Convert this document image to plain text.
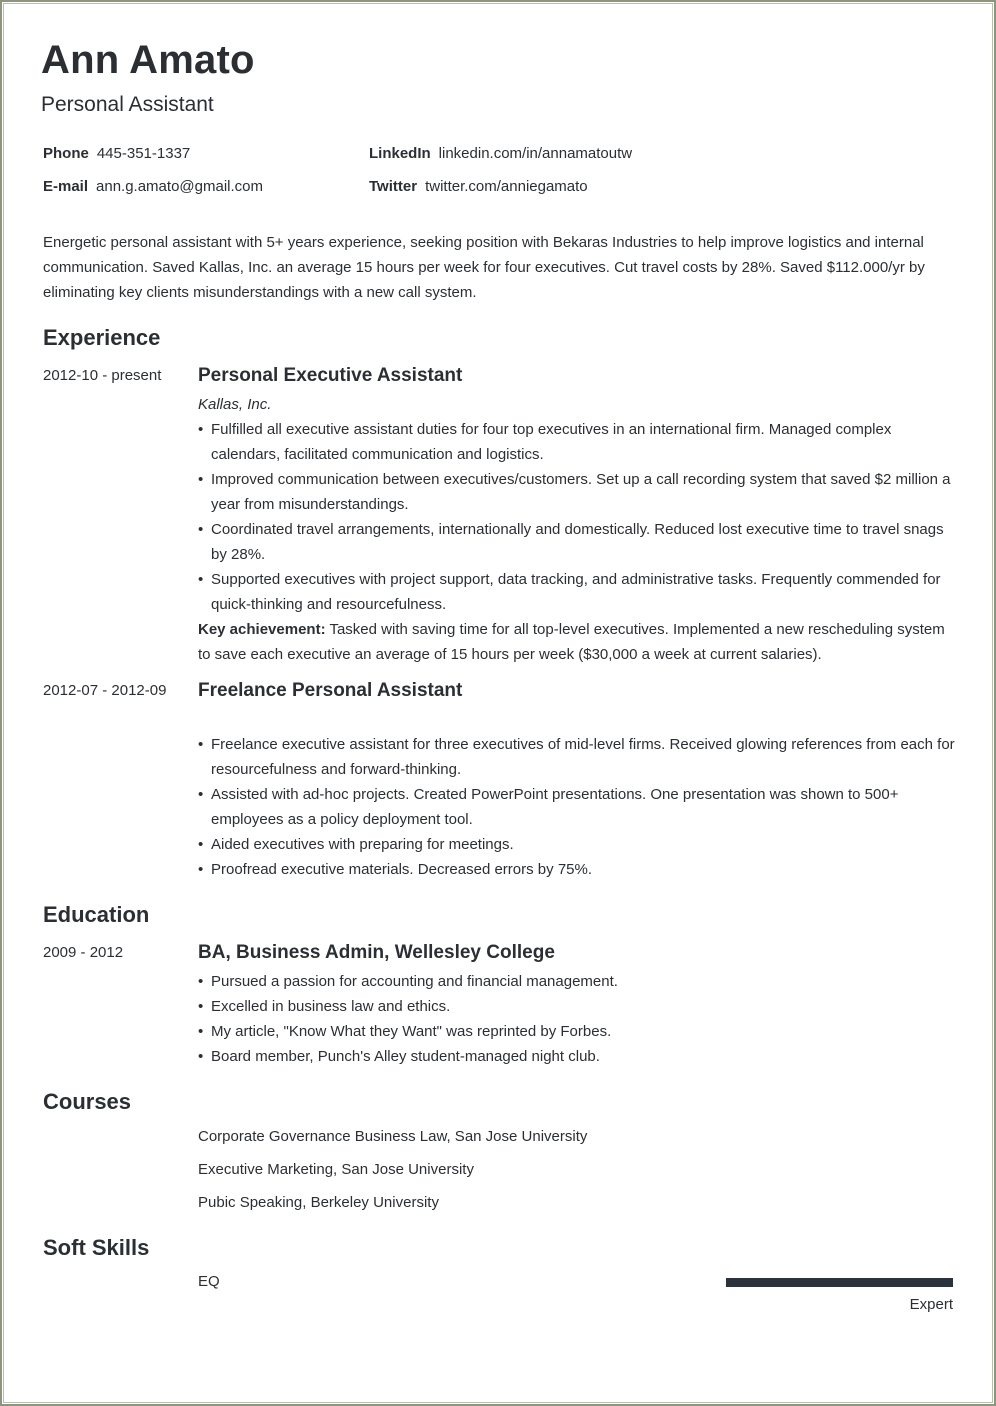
Ann Amato
Personal Assistant
Phone 445-351-1337
E-mail ann.g.amato@gmail.com
LinkedIn linkedin.com/in/annamatoutw
Twitter twitter.com/anniegamato
Energetic personal assistant with 5+ years experience, seeking position with Bekaras Industries to help improve logistics and internal communication. Saved Kallas, Inc. an average 15 hours per week for four executives. Cut travel costs by 28%. Saved $112.000/yr by eliminating key clients misunderstandings with a new call system.
Experience
2012-10 - present Personal Executive Assistant
Kallas, Inc.
• Fulfilled all executive assistant duties for four top executives in an international firm. Managed complex calendars, facilitated communication and logistics.
• Improved communication between executives/customers. Set up a call recording system that saved $2 million a year from misunderstandings.
• Coordinated travel arrangements, internationally and domestically. Reduced lost executive time to travel snags by 28%.
• Supported executives with project support, data tracking, and administrative tasks. Frequently commended for quick-thinking and resourcefulness.
Key achievement: Tasked with saving time for all top-level executives. Implemented a new rescheduling system to save each executive an average of 15 hours per week ($30,000 a week at current salaries).
2012-07 - 2012-09 Freelance Personal Assistant
• Freelance executive assistant for three executives of mid-level firms. Received glowing references from each for resourcefulness and forward-thinking.
• Assisted with ad-hoc projects. Created PowerPoint presentations. One presentation was shown to 500+ employees as a policy deployment tool.
• Aided executives with preparing for meetings.
• Proofread executive materials. Decreased errors by 75%.
Education
2009 - 2012	BA, Business Admin, Wellesley College
• Pursued a passion for accounting and financial management.
• Excelled in business law and ethics.
• My article, "Know What they Want" was reprinted by Forbes.
• Board member, Punch's Alley student-managed night club.
Courses
Corporate Governance Business Law, San Jose University
Executive Marketing, San Jose University
Pubic Speaking, Berkeley University
Soft Skills
EQ
Expert
